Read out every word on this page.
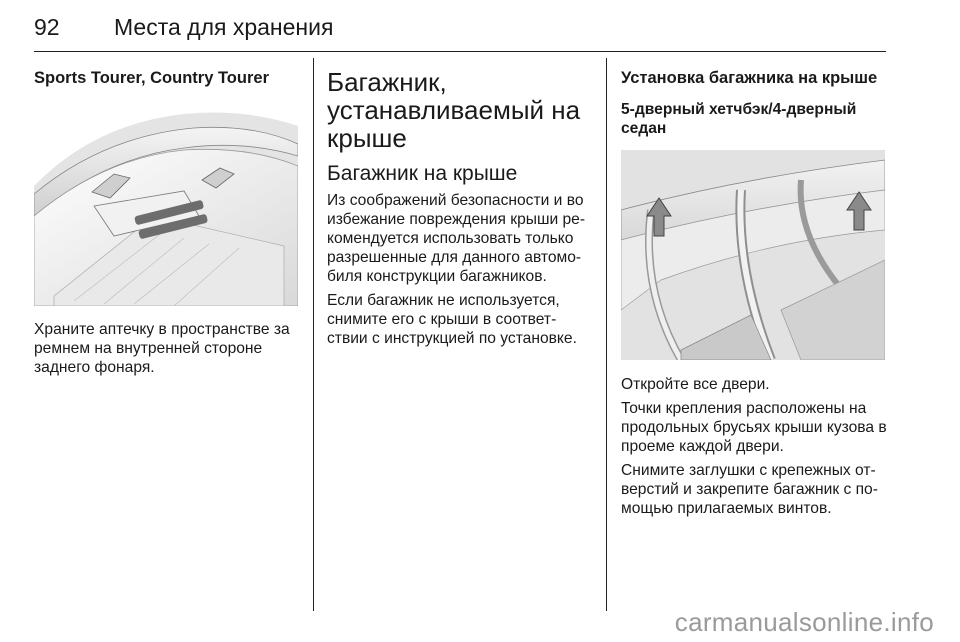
92 Места для хранения
Sports Tourer, Country Tourer

Храните аптечку в пространстве за ремнем на внутренней стороне заднего фонаря.

Багажник, устанавливаемый на крыше
Багажник на крыше

Из соображений безопасности и во избежание повреждения крыши ре-комендуется использовать только разрешенные для данного автомо-биля конструкции багажников.

Если багажник не используется, снимите его с крыши в соответ-ствии с инструкцией по установке.

Установка багажника на крыше
5-дверный хетчбэк/4-дверный седан

Откройте все двери.

Точки крепления расположены на продольных брусьях крыши кузова в проеме каждой двери.

Снимите заглушки с крепежных от-верстий и закрепите багажник с по-мощью прилагаемых винтов.

carmanualsonline.info
